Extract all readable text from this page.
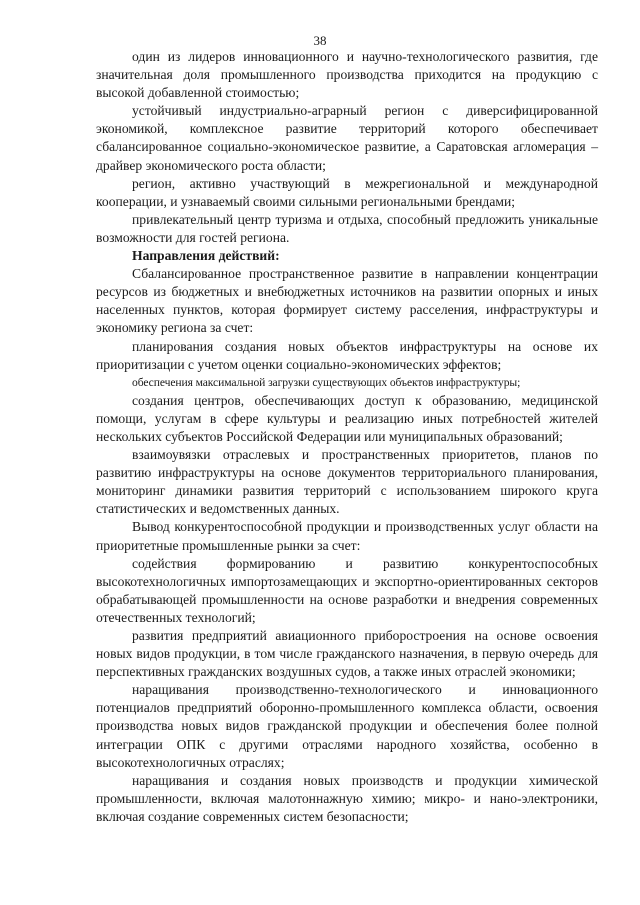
38

один из лидеров инновационного и научно-технологического развития, где значительная доля промышленного производства приходится на продукцию с высокой добавленной стоимостью;

устойчивый индустриально-аграрный регион с диверсифицированной экономикой, комплексное развитие территорий которого обеспечивает сбалансированное социально-экономическое развитие, а Саратовская агломерация – драйвер экономического роста области;

регион, активно участвующий в межрегиональной и международной кооперации, и узнаваемый своими сильными региональными брендами;

привлекательный центр туризма и отдыха, способный предложить уникальные возможности для гостей региона.

Направления действий:

Сбалансированное пространственное развитие в направлении концентрации ресурсов из бюджетных и внебюджетных источников на развитии опорных и иных населенных пунктов, которая формирует систему расселения, инфраструктуры и экономику региона за счет:

планирования создания новых объектов инфраструктуры на основе их приоритизации с учетом оценки социально-экономических эффектов;

обеспечения максимальной загрузки существующих объектов инфраструктуры;

создания центров, обеспечивающих доступ к образованию, медицинской помощи, услугам в сфере культуры и реализацию иных потребностей жителей нескольких субъектов Российской Федерации или муниципальных образований;

взаимоувязки отраслевых и пространственных приоритетов, планов по развитию инфраструктуры на основе документов территориального планирования, мониторинг динамики развития территорий с использованием широкого круга статистических и ведомственных данных.

Вывод конкурентоспособной продукции и производственных услуг области на приоритетные промышленные рынки за счет:

содействия формированию и развитию конкурентоспособных высокотехнологичных импортозамещающих и экспортно-ориентированных секторов обрабатывающей промышленности на основе разработки и внедрения современных отечественных технологий;

развития предприятий авиационного приборостроения на основе освоения новых видов продукции, в том числе гражданского назначения, в первую очередь для перспективных гражданских воздушных судов, а также иных отраслей экономики;

наращивания производственно-технологического и инновационного потенциалов предприятий оборонно-промышленного комплекса области, освоения производства новых видов гражданской продукции и обеспечения более полной интеграции ОПК с другими отраслями народного хозяйства, особенно в высокотехнологичных отраслях;

наращивания и создания новых производств и продукции химической промышленности, включая малотоннажную химию; микро- и нано-электроники, включая создание современных систем безопасности;
